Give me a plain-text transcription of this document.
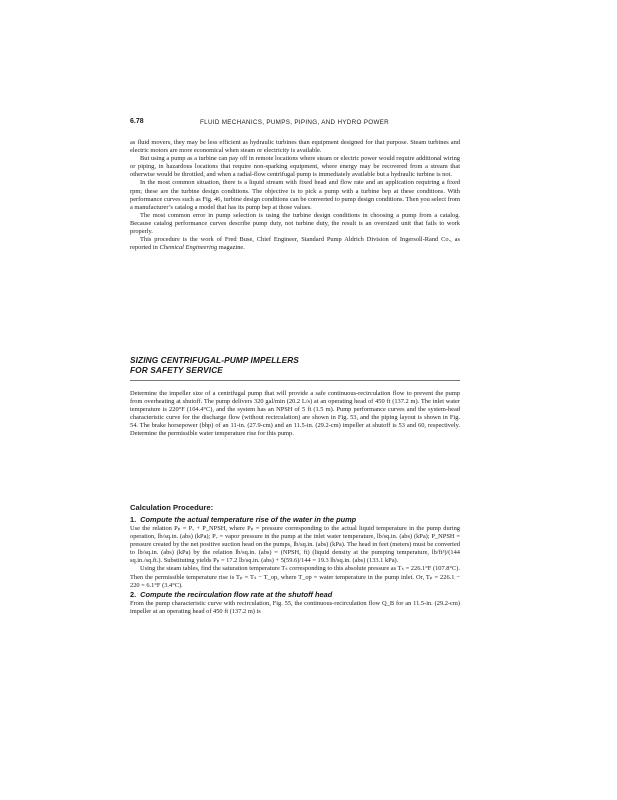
6.78	FLUID MECHANICS, PUMPS, PIPING, AND HYDRO POWER

as fluid movers, they may be less efficient as hydraulic turbines than equipment designed for that purpose. Steam turbines and electric motors are more economical when steam or electricity is available.

But using a pump as a turbine can pay off in remote locations where steam or electric power would require additional wiring or piping, in hazardous locations that require non-sparking equipment, where energy may be recovered from a stream that otherwise would be throttled, and when a radial-flow centrifugal pump is immediately available but a hydraulic turbine is not.

In the most common situation, there is a liquid stream with fixed head and flow rate and an application requiring a fixed rpm; these are the turbine design conditions. The objective is to pick a pump with a turbine bep at these conditions. With performance curves such as Fig. 46, turbine design conditions can be converted to pump design conditions. Then you select from a manufacturer’s catalog a model that has its pump bep at those values.

The most common error in pump selection is using the turbine design conditions in choosing a pump from a catalog. Because catalog performance curves describe pump duty, not turbine duty, the result is an oversized unit that fails to work properly.

This procedure is the work of Fred Buse, Chief Engineer, Standard Pump Aldrich Division of Ingersoll-Rand Co., as reported in Chemical Engineering magazine.

SIZING CENTRIFUGAL-PUMP IMPELLERS
FOR SAFETY SERVICE

Determine the impeller size of a centrifugal pump that will provide a safe continuous-recirculation flow to prevent the pump from overheating at shutoff. The pump delivers 320 gal/min (20.2 L/s) at an operating head of 450 ft (137.2 m). The inlet water temperature is 220°F (104.4°C), and the system has an NPSH of 5 ft (1.5 m). Pump performance curves and the system-head characteristic curve for the discharge flow (without recirculation) are shown in Fig. 53, and the piping layout is shown in Fig. 54. The brake horsepower (bhp) of an 11-in. (27.9-cm) and an 11.5-in. (29.2-cm) impeller at shutoff is 53 and 60, respectively. Determine the permissible water temperature rise for this pump.

Calculation Procedure:
1. Compute the actual temperature rise of the water in the pump

Use the relation Pₚ = Pᵥ + P_NPSH, where Pₚ = pressure corresponding to the actual liquid temperature in the pump during operation, lb/sq.in. (abs) (kPa); Pᵥ = vapor pressure in the pump at the inlet water temperature, lb/sq.in. (abs) (kPa); P_NPSH = pressure created by the net positive suction head on the pumps, lb/sq.in. (abs) (kPa). The head in feet (meters) must be converted to lb/sq.in. (abs) (kPa) by the relation lb/sq.in. (abs) = (NPSH, ft) (liquid density at the pumping temperature, lb/ft³)/(144 sq.in./sq.ft.). Substituting yields Pₚ = 17.2 lb/sq.in. (abs) + 5(59.6)/144 = 19.3 lb/sq.in. (abs) (133.1 kPa).

Using the steam tables, find the saturation temperature Tₛ corresponding to this absolute pressure as Tₛ = 226.1°F (107.8°C). Then the permissible temperature rise is Tₚ = Tₛ − T_op, where T_op = water temperature in the pump inlet. Or, Tₚ = 226.1 − 220 = 6.1°F (3.4°C).

2. Compute the recirculation flow rate at the shutoff head

From the pump characteristic curve with recirculation, Fig. 55, the continuous-recirculation flow Q_B for an 11.5-in. (29.2-cm) impeller at an operating head of 450 ft (137.2 m) is
